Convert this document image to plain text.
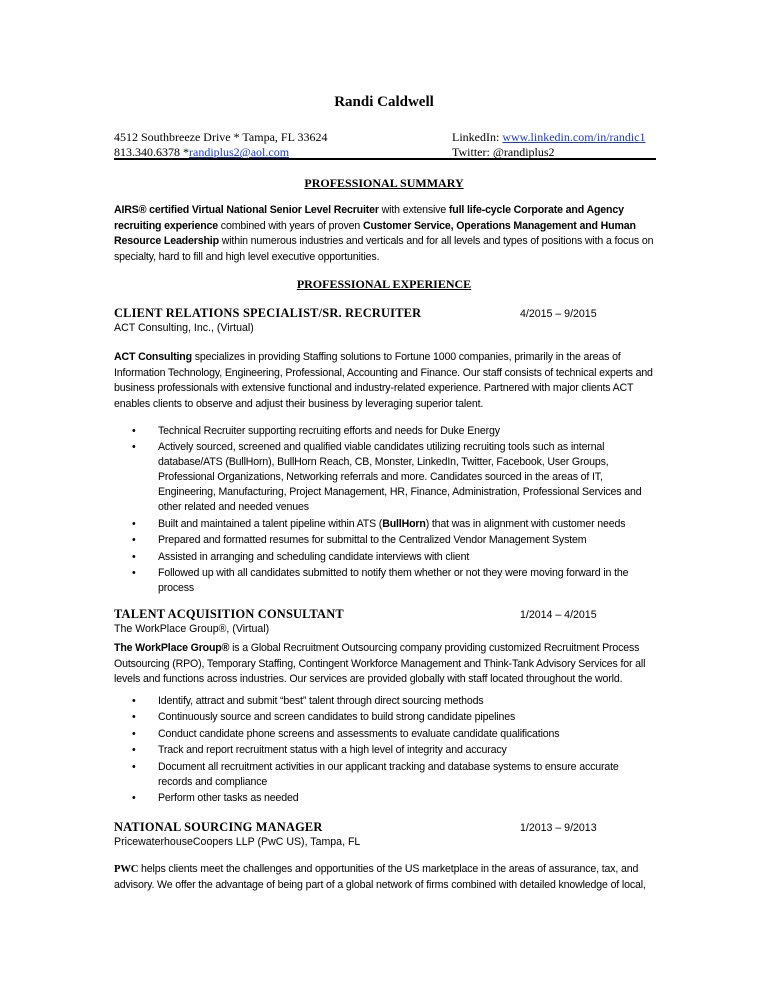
Randi Caldwell
4512 Southbreeze Drive * Tampa, FL 33624
813.340.6378 *randiplus2@aol.com
LinkedIn: www.linkedin.com/in/randic1
Twitter: @randiplus2
PROFESSIONAL SUMMARY
AIRS® certified Virtual National Senior Level Recruiter with extensive full life-cycle Corporate and Agency recruiting experience combined with years of proven Customer Service, Operations Management and Human Resource Leadership within numerous industries and verticals and for all levels and types of positions with a focus on specialty, hard to fill and high level executive opportunities.
PROFESSIONAL EXPERIENCE
CLIENT RELATIONS SPECIALIST/SR. RECRUITER	4/2015 – 9/2015
ACT Consulting, Inc., (Virtual)
ACT Consulting specializes in providing Staffing solutions to Fortune 1000 companies, primarily in the areas of Information Technology, Engineering, Professional, Accounting and Finance. Our staff consists of technical experts and business professionals with extensive functional and industry-related experience. Partnered with major clients ACT enables clients to observe and adjust their business by leveraging superior talent.
• Technical Recruiter supporting recruiting efforts and needs for Duke Energy
• Actively sourced, screened and qualified viable candidates utilizing recruiting tools such as internal database/ATS (BullHorn), BullHorn Reach, CB, Monster, LinkedIn, Twitter, Facebook, User Groups, Professional Organizations, Networking referrals and more. Candidates sourced in the areas of IT, Engineering, Manufacturing, Project Management, HR, Finance, Administration, Professional Services and other related and needed venues
• Built and maintained a talent pipeline within ATS (BullHorn) that was in alignment with customer needs
• Prepared and formatted resumes for submittal to the Centralized Vendor Management System
• Assisted in arranging and scheduling candidate interviews with client
• Followed up with all candidates submitted to notify them whether or not they were moving forward in the process
TALENT ACQUISITION CONSULTANT	1/2014 – 4/2015
The WorkPlace Group®, (Virtual)
The WorkPlace Group® is a Global Recruitment Outsourcing company providing customized Recruitment Process Outsourcing (RPO), Temporary Staffing, Contingent Workforce Management and Think-Tank Advisory Services for all levels and functions across industries. Our services are provided globally with staff located throughout the world.
• Identify, attract and submit “best” talent through direct sourcing methods
• Continuously source and screen candidates to build strong candidate pipelines
• Conduct candidate phone screens and assessments to evaluate candidate qualifications
• Track and report recruitment status with a high level of integrity and accuracy
• Document all recruitment activities in our applicant tracking and database systems to ensure accurate records and compliance
• Perform other tasks as needed
NATIONAL SOURCING MANAGER	1/2013 – 9/2013
PricewaterhouseCoopers LLP (PwC US), Tampa, FL
PWC helps clients meet the challenges and opportunities of the US marketplace in the areas of assurance, tax, and advisory. We offer the advantage of being part of a global network of firms combined with detailed knowledge of local,
